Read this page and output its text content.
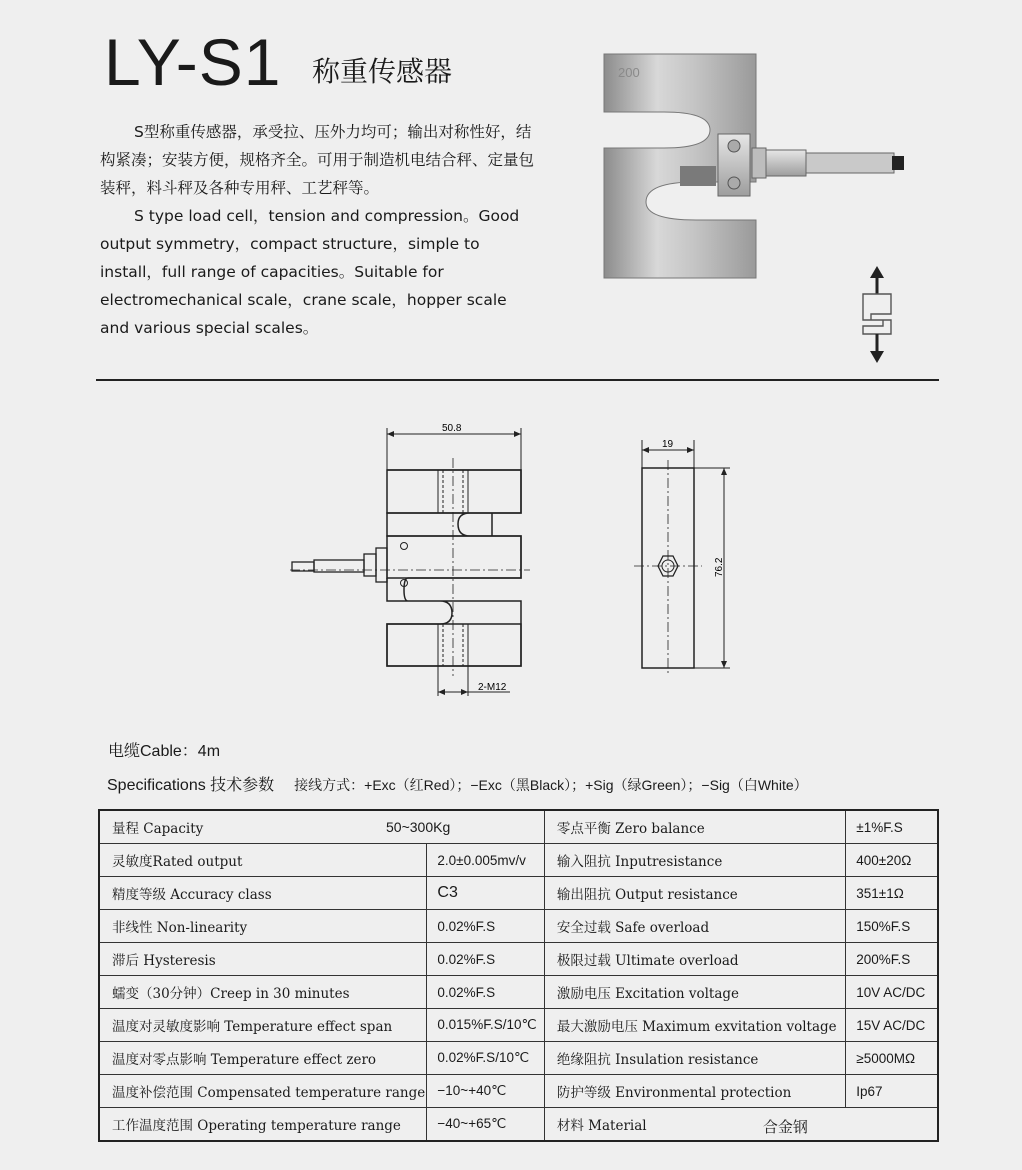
LY-S1 称重传感器
S型称重传感器，承受拉、压外力均可；输出对称性好，结构紧凑；安装方便，规格齐全。可用于制造机电结合秤、定量包装秤，料斗秤及各种专用秤、工艺秤等。
S type load cell，tension and compression。Good output symmetry，compact structure，simple to install，full range of capacities。Suitable for electromechanical scale，crane scale，hopper scale and various special scales。
200
50.8
2-M12
19
76.2
电缆Cable：4m
Specifications 技术参数 接线方式：+Exc（红Red）；−Exc（黑Black）；+Sig（绿Green）；−Sig（白White）
量程 Capacity 50~300Kg		零点平衡 Zero balance	±1%F.S
灵敏度Rated output	2.0±0.005mv/v	输入阻抗 Inputresistance	400±20Ω
精度等级 Accuracy class	C3	输出阻抗 Output resistance	351±1Ω
非线性 Non-linearity	0.02%F.S	安全过载 Safe overload	150%F.S
滞后 Hysteresis	0.02%F.S	极限过载 Ultimate overload	200%F.S
蠕变（30分钟）Creep in 30 minutes	0.02%F.S	激励电压 Excitation voltage	10V AC/DC
温度对灵敏度影响 Temperature effect span	0.015%F.S/10℃	最大激励电压 Maximum exvitation voltage	15V AC/DC
温度对零点影响 Temperature effect zero	0.02%F.S/10℃	绝缘阻抗 Insulation resistance	≥5000MΩ
温度补偿范围 Compensated temperature range	−10~+40℃	防护等级 Environmental protection	Ip67
工作温度范围 Operating temperature range	−40~+65℃	材料 Material 合金钢	
